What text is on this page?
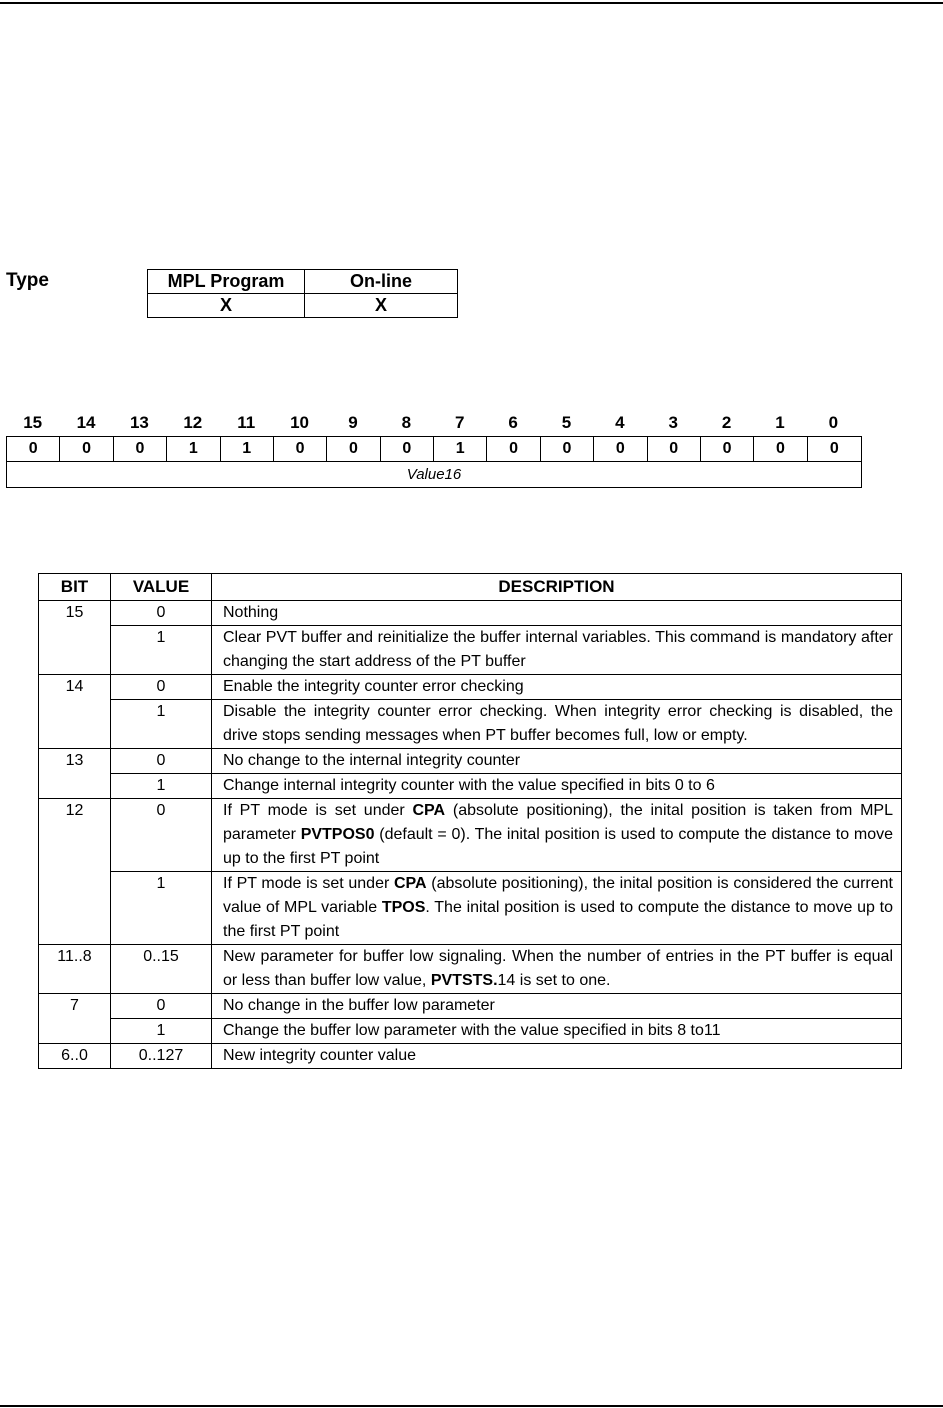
Type	MPL Program	On-line
X	X
15	14	13	12	11	10	9	8	7	6	5	4	3	2	1	0
0	0	0	1	1	0	0	0	1	0	0	0	0	0	0	0
Value16
BIT	VALUE	DESCRIPTION
15	0	Nothing
	1	Clear PVT buffer and reinitialize the buffer internal variables. This command is mandatory after changing the start address of the PT buffer
14	0	Enable the integrity counter error checking
	1	Disable the integrity counter error checking. When integrity error checking is disabled, the drive stops sending messages when PT buffer becomes full, low or empty.
13	0	No change to the internal integrity counter
	1	Change internal integrity counter with the value specified in bits 0 to 6
12	0	If PT mode is set under CPA (absolute positioning), the inital position is taken from MPL parameter PVTPOS0 (default = 0). The inital position is used to compute the distance to move up to the first PT point
	1	If PT mode is set under CPA (absolute positioning), the inital position is considered the current value of MPL variable TPOS. The inital position is used to compute the distance to move up to the first PT point
11..8	0..15	New parameter for buffer low signaling. When the number of entries in the PT buffer is equal or less than buffer low value, PVTSTS.14 is set to one.
7	0	No change in the buffer low parameter
	1	Change the buffer low parameter with the value specified in bits 8 to11
6..0	0..127	New integrity counter value
